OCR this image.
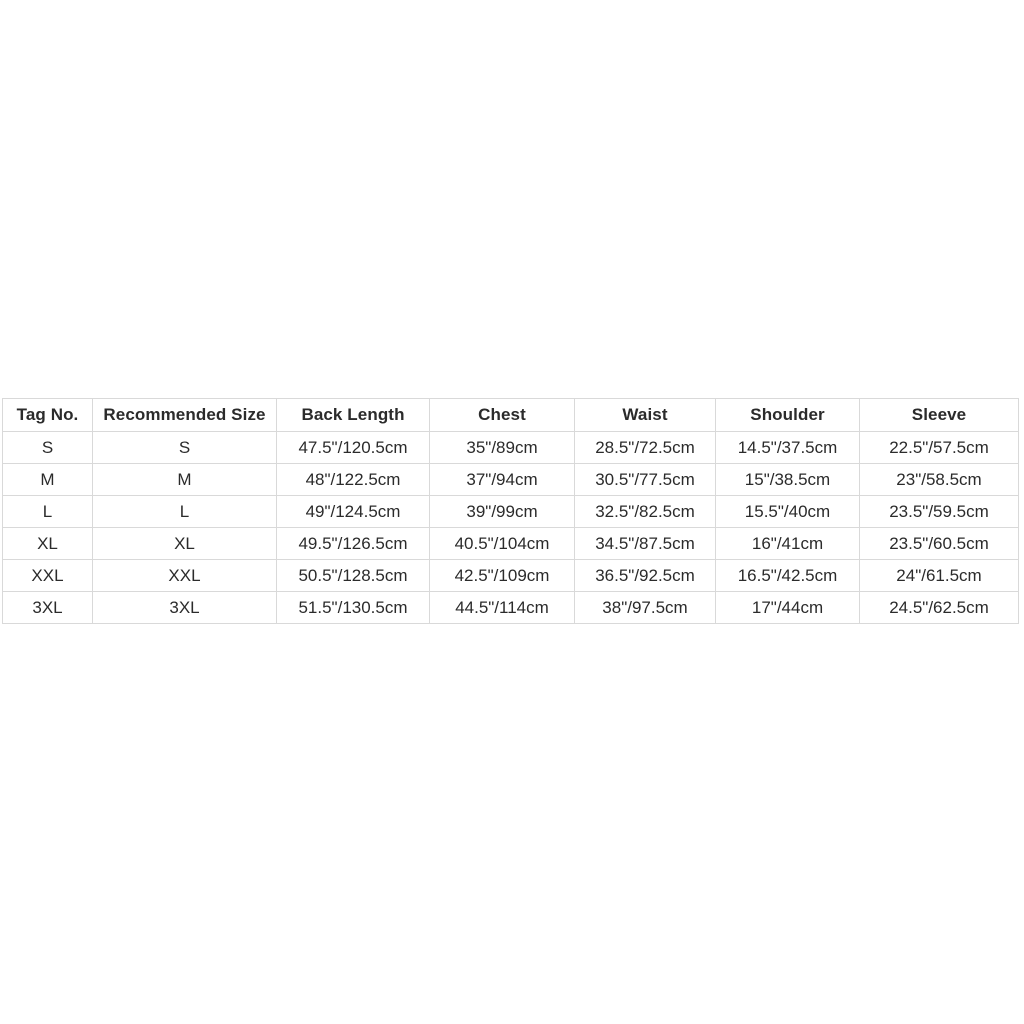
Tag No.	Recommended Size	Back Length	Chest	Waist	Shoulder	Sleeve
S	S	47.5"/120.5cm	35"/89cm	28.5"/72.5cm	14.5"/37.5cm	22.5"/57.5cm
M	M	48"/122.5cm	37"/94cm	30.5"/77.5cm	15"/38.5cm	23"/58.5cm
L	L	49"/124.5cm	39"/99cm	32.5"/82.5cm	15.5"/40cm	23.5"/59.5cm
XL	XL	49.5"/126.5cm	40.5"/104cm	34.5"/87.5cm	16"/41cm	23.5"/60.5cm
XXL	XXL	50.5"/128.5cm	42.5"/109cm	36.5"/92.5cm	16.5"/42.5cm	24"/61.5cm
3XL	3XL	51.5"/130.5cm	44.5"/114cm	38"/97.5cm	17"/44cm	24.5"/62.5cm
